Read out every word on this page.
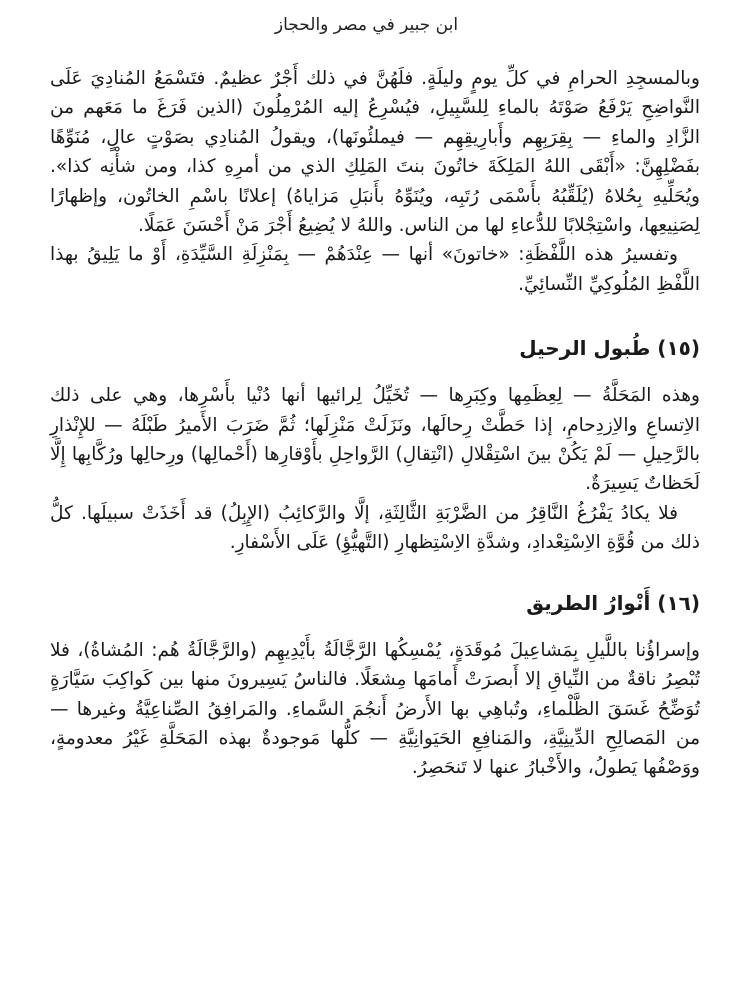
ابن جبير في مصر والحجاز

وبالمسجِدِ الحرامِ في كلِّ يومٍ وليلَةٍ. فلَهُنَّ في ذلك أَجْرٌ عظيمٌ. فتَسْمَعُ المُنادِيَ عَلَى النَّواضِحِ يَرْفَعُ صَوْتَهُ بالماءِ لِلسَّبِيلِ، فيُسْرِعُ إليه المُرْمِلُونَ (الذين فَرَغَ ما مَعَهم من الزَّادِ والماءِ — بِقِرَبِهِم وأَبارِيقِهِم — فيملئُونَها)، ويقولُ المُنادِي بصَوْتٍ عالٍ، مُنَوِّهًا بفَضْلِهِنَّ: «أَبْقَى اللهُ المَلِكَةَ خاتُونَ بنتَ المَلِكِ الذي من أمرِهِ كذا، ومن شأْنِه كذا». ويُحَلِّيهِ بِحُلاهُ (يُلَقِّبُهُ بأَسْمَى رُتَبِه، ويُنَوِّهُ بأَنبَلِ مَزاياهُ) إعلانًا باسْمِ الخاتُون، وإظهارًا لِصَنِيعِها، واسْتِجْلابًا للدُّعاءِ لها من الناس. واللهُ لا يُضِيعُ أَجْرَ مَنْ أَحْسَنَ عَمَلًا.

وتفسيرُ هذه اللَّفْظَةِ: «خاتونَ» أنها — عِنْدَهُمْ — بِمَنْزِلَةِ السَّيِّدَةِ، أَوْ ما يَلِيقُ بهذا اللَّفْظِ المُلُوكِيِّ النِّسائِيِّ.

(١٥) طُبول الرحيل

وهذه المَحَلَّةُ — لِعِظَمِها وكِبَرِها — تُخَيِّلُ لِرائيها أنها دُنْيا بأَسْرِها، وهي على ذلك الاِتساعِ والاِزدِحامِ، إذا حَطَّتْ رِحالَها، ونَزَلَتْ مَنْزِلَها؛ ثُمَّ ضَرَبَ الأَميرُ طَبْلَهُ — للإِنْذارِ بالرَّحِيلِ — لَمْ يَكُنْ بينَ اسْتِقْلالِ (انْتِقالِ) الرَّواحِلِ بأَوْقارِها (أَحْمالِها) ورِحالِها ورُكَّابِها إِلَّا لَحَظاتٌ يَسِيرَةٌ.

فلا يكادُ يَفْرُغُ النَّاقِرُ من الضَّرْبَةِ الثَّالِثَةِ، إلَّا والرَّكائِبُ (الإِبِلُ) قد أَخَذَتْ سبيلَها. كلُّ ذلك من قُوَّةِ الاِسْتِعْدادِ، وشدَّةِ الاِسْتِظهارِ (التَّهيُّؤِ) عَلَى الأَسْفارِ.

(١٦) أَنْوارُ الطريق

وإسراؤُنا باللَّيلِ بِمَشاعِيلَ مُوقَدَةٍ، يُمْسِكُها الرَّجَّالَةُ بأَيْدِيهِم (والرَّجَّالَةُ هُم: المُشاةُ)، فلا تُبْصِرُ ناقةٌ من النِّياقِ إلا أَبصرَتْ أَمامَها مِشعَلًا. فالناسُ يَسِيرونَ منها بين كَواكِبَ سَيَّارَةٍ تُوَضِّحُ غَسَقَ الظَّلْماءِ، وتُباهِي بها الأَرضُ أَنجُمَ السَّماءِ. والمَرافِقُ الصِّناعِيَّةُ وغيرها — من المَصالِحِ الدِّينِيَّةِ، والمَنافِعِ الحَيَوانِيَّةِ — كلُّها مَوجودةٌ بهذه المَحَلَّةِ غَيْرُ معدومةٍ، ووَصْفُها يَطولُ، والأَخْبارُ عنها لا تَنحَصِرُ.
